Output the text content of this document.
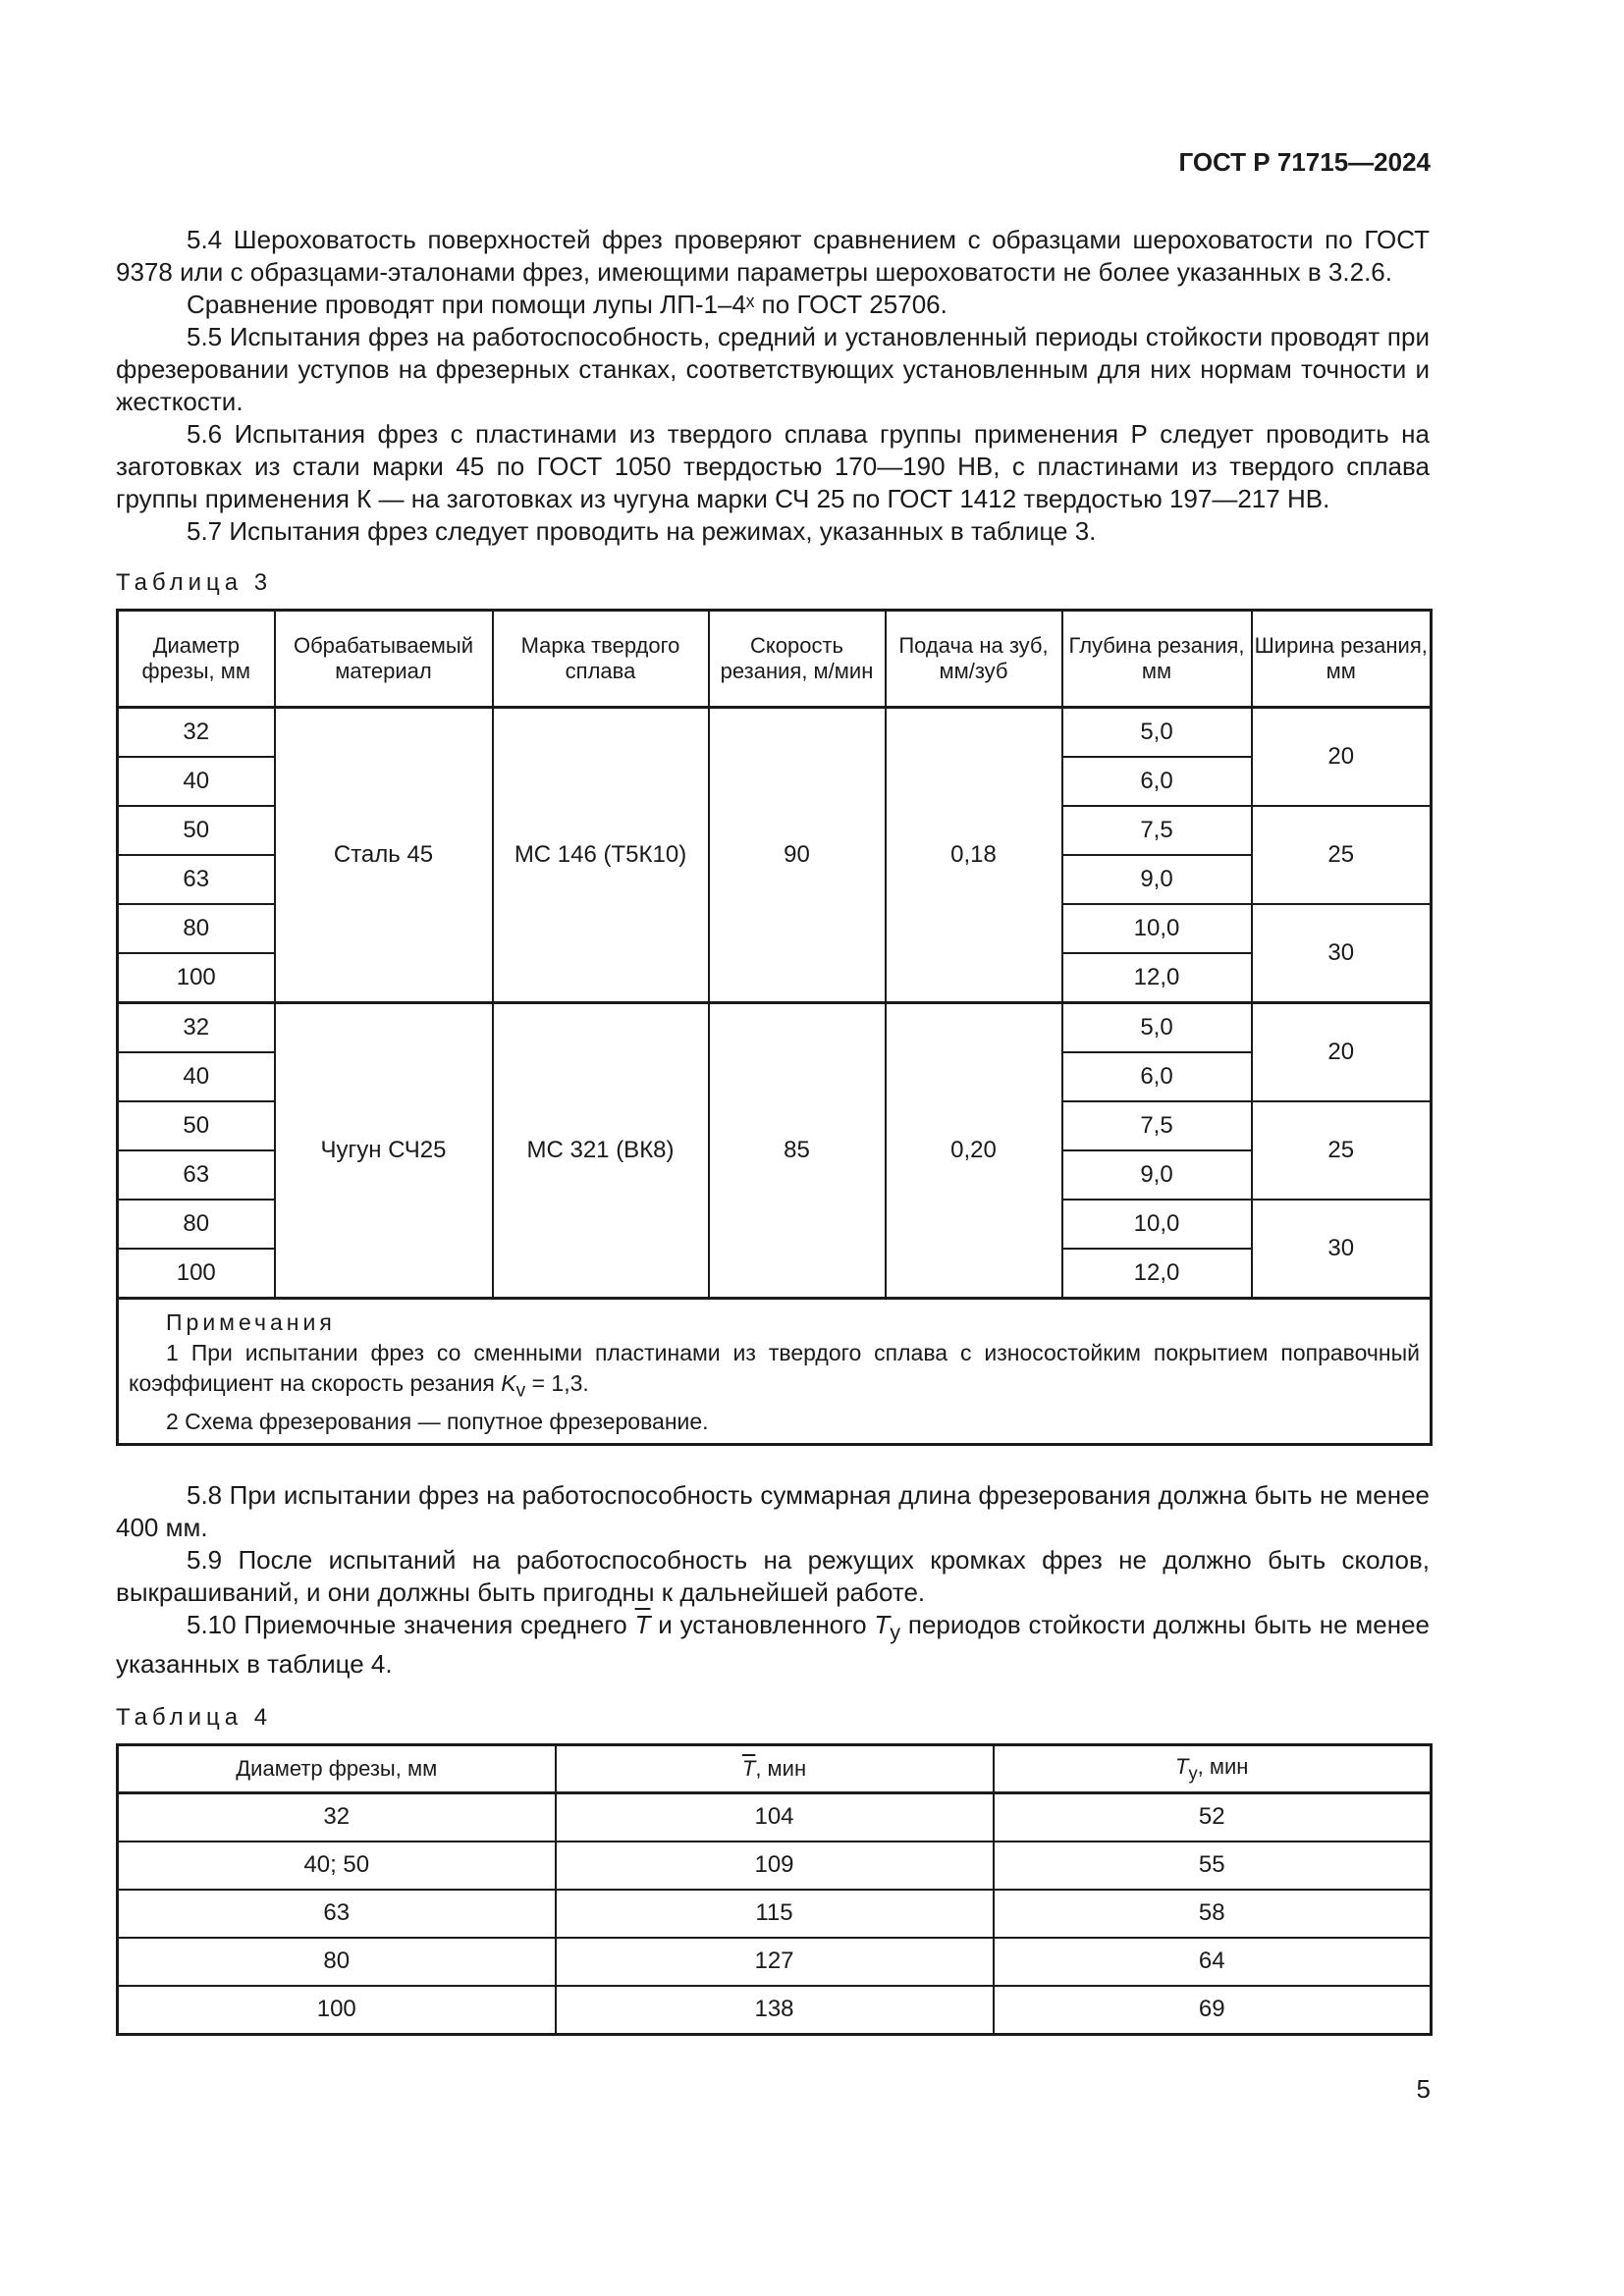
ГОСТ Р 71715—2024

5.4 Шероховатость поверхностей фрез проверяют сравнением с образцами шероховатости по ГОСТ 9378 или с образцами-эталонами фрез, имеющими параметры шероховатости не более указанных в 3.2.6.

Сравнение проводят при помощи лупы ЛП-1–4ˣ по ГОСТ 25706.

5.5 Испытания фрез на работоспособность, средний и установленный периоды стойкости проводят при фрезеровании уступов на фрезерных станках, соответствующих установленным для них нормам точности и жесткости.

5.6 Испытания фрез с пластинами из твердого сплава группы применения Р следует проводить на заготовках из стали марки 45 по ГОСТ 1050 твердостью 170—190 НВ, с пластинами из твердого сплава группы применения К — на заготовках из чугуна марки СЧ 25 по ГОСТ 1412 твердостью 197—217 НВ.

5.7 Испытания фрез следует проводить на режимах, указанных в таблице 3.

Таблица 3
Диаметр фрезы, мм	Обрабатываемый материал	Марка твердого сплава	Скорость резания, м/мин	Подача на зуб, мм/зуб	Глубина резания, мм	Ширина резания, мм
32	Сталь 45	МС 146 (Т5К10)	90	0,18	5,0	20
40					6,0	
50					7,5	25
63					9,0	
80					10,0	30
100					12,0	
32	Чугун СЧ25	МС 321 (ВК8)	85	0,20	5,0	20
40					6,0	
50					7,5	25
63					9,0	
80					10,0	30
100					12,0	

Примечания
1 При испытании фрез со сменными пластинами из твердого сплава с износостойким покрытием поправочный коэффициент на скорость резания $K_v = 1,3$.
2 Схема фрезерования — попутное фрезерование.						

5.8 При испытании фрез на работоспособность суммарная длина фрезерования должна быть не менее 400 мм.

5.9 После испытаний на работоспособность на режущих кромках фрез не должно быть сколов, выкрашиваний, и они должны быть пригодны к дальнейшей работе.

5.10 Приемочные значения среднего $\overline{T}$ и установленного $T_у$ периодов стойкости должны быть не менее указанных в таблице 4.

Таблица 4
Диаметр фрезы, мм	$\overline{T}$, мин	$T_у$, мин
32	104	52
40; 50	109	55
63	115	58
80	127	64
100	138	69
5
